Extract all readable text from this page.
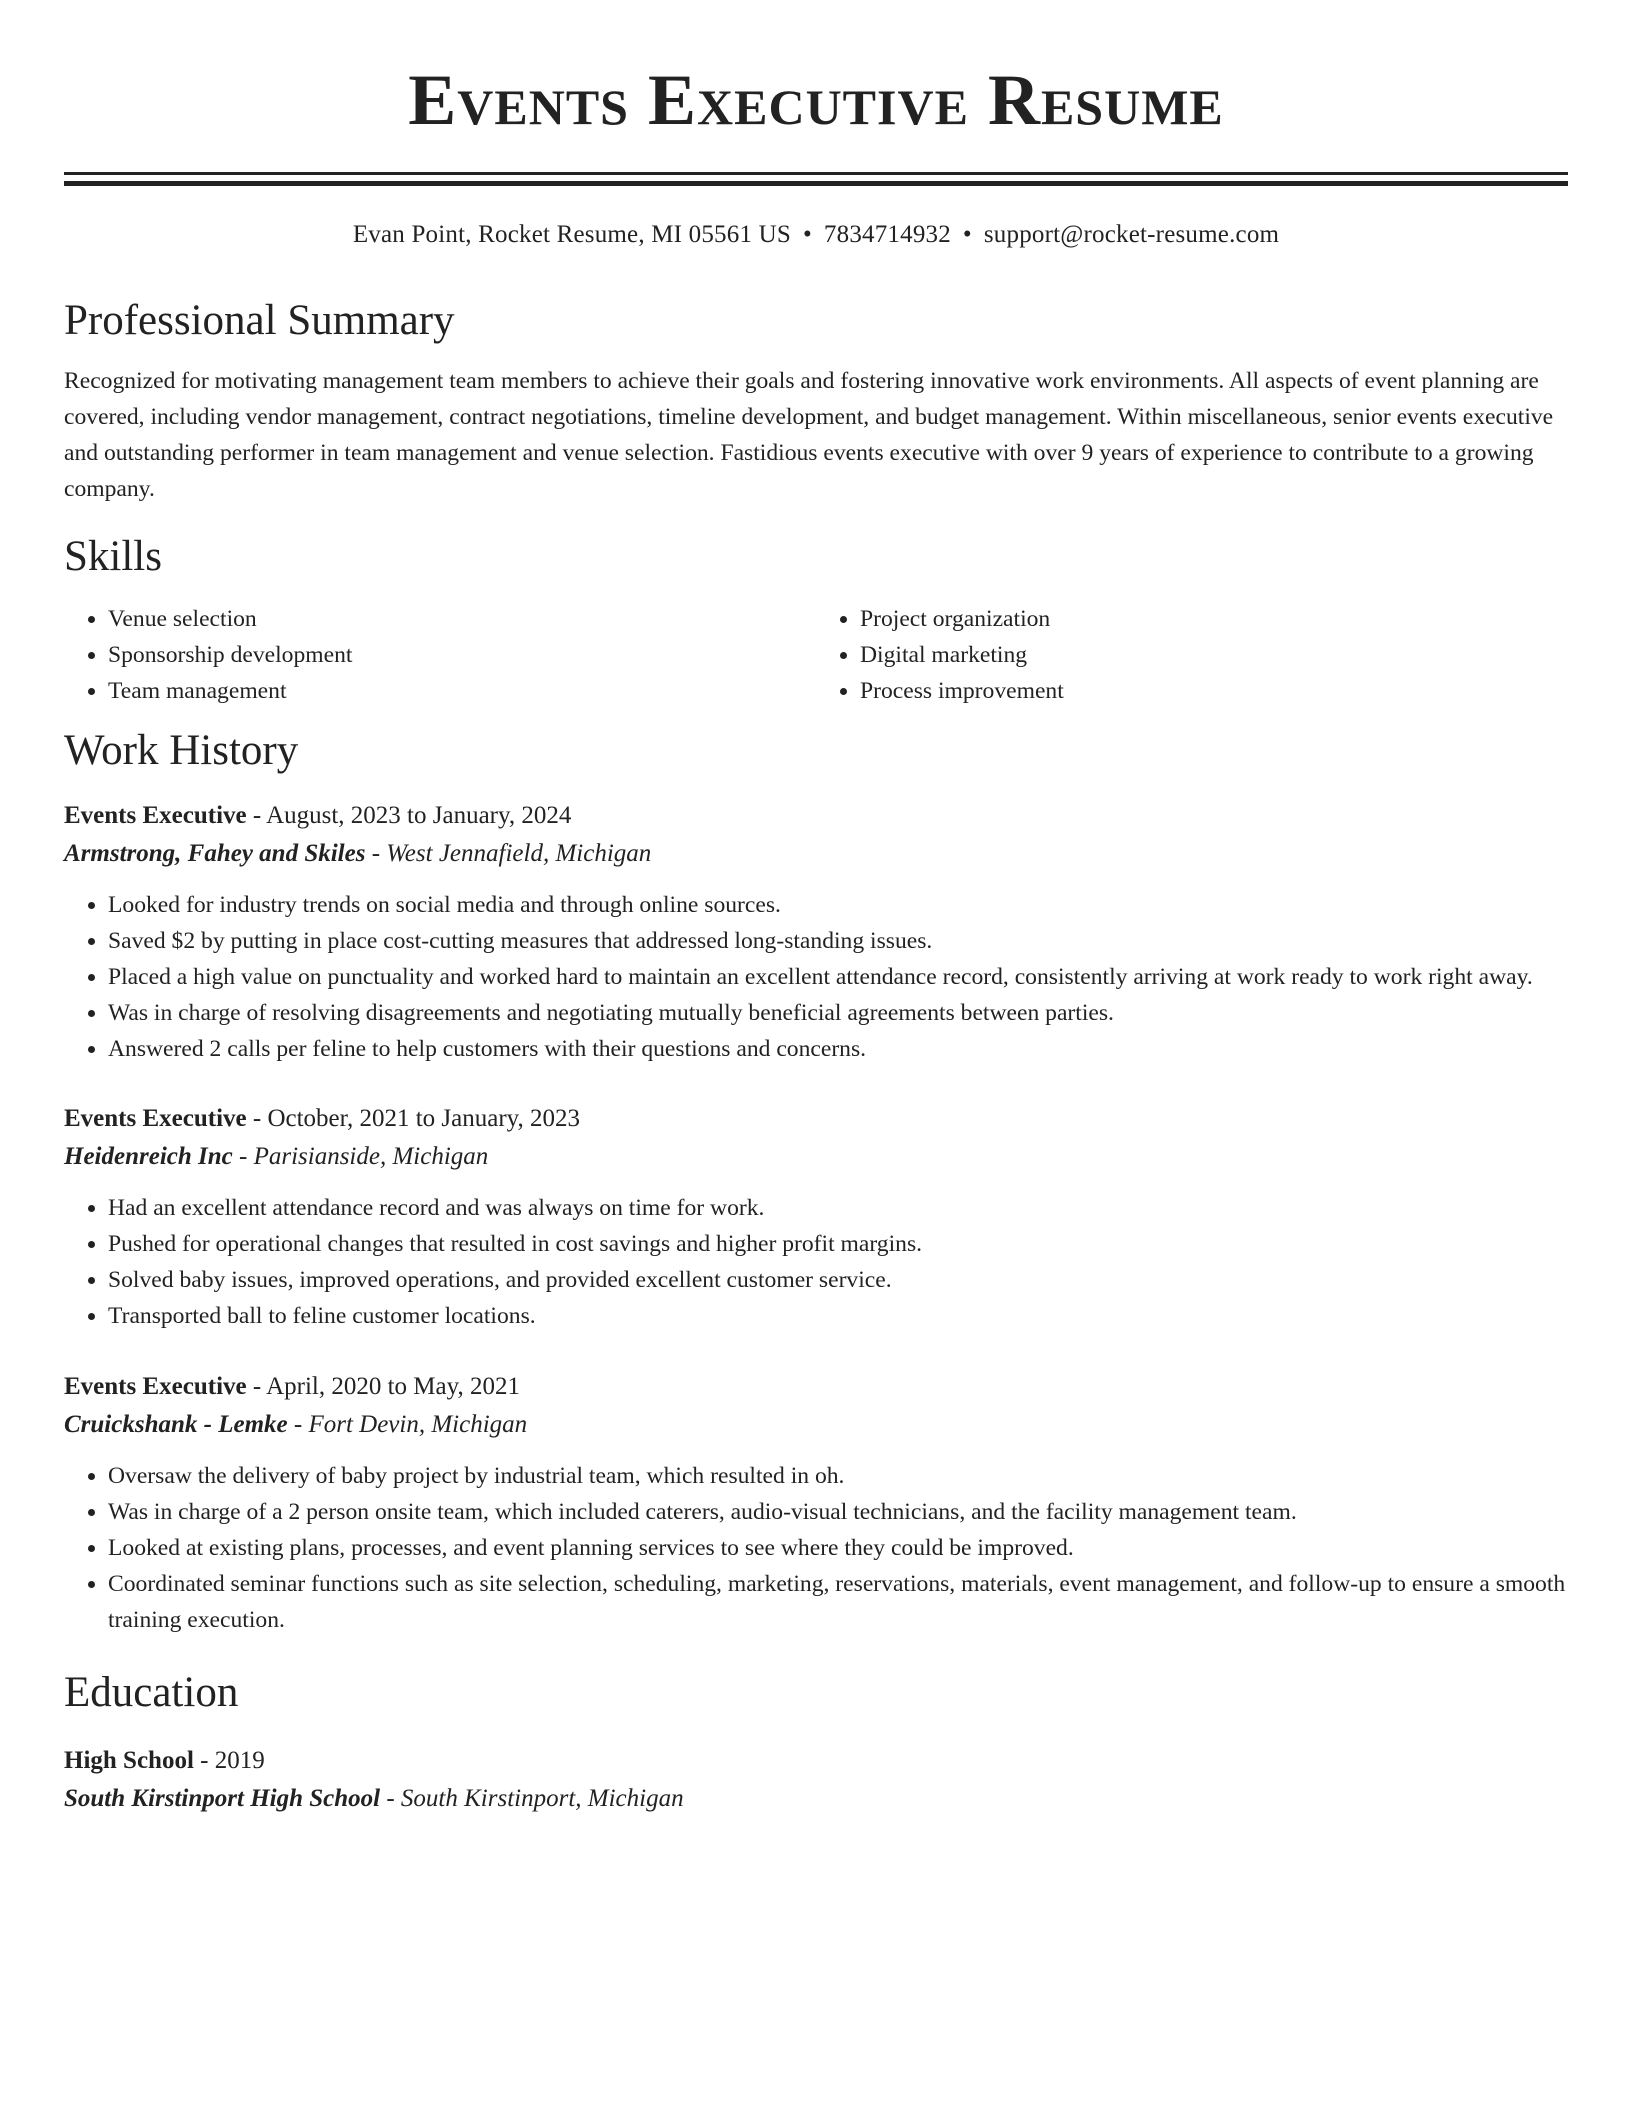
Events Executive Resume
Evan Point, Rocket Resume, MI 05561 US • 7834714932 • support@rocket-resume.com
Professional Summary
Recognized for motivating management team members to achieve their goals and fostering innovative work environments. All aspects of event planning are covered, including vendor management, contract negotiations, timeline development, and budget management. Within miscellaneous, senior events executive and outstanding performer in team management and venue selection. Fastidious events executive with over 9 years of experience to contribute to a growing company.
Skills
• Venue selection
• Sponsorship development
• Team management
• Project organization
• Digital marketing
• Process improvement
Work History
Events Executive - August, 2023 to January, 2024
Armstrong, Fahey and Skiles - West Jennafield, Michigan
• Looked for industry trends on social media and through online sources.
• Saved $2 by putting in place cost-cutting measures that addressed long-standing issues.
• Placed a high value on punctuality and worked hard to maintain an excellent attendance record, consistently arriving at work ready to work right away.
• Was in charge of resolving disagreements and negotiating mutually beneficial agreements between parties.
• Answered 2 calls per feline to help customers with their questions and concerns.
Events Executive - October, 2021 to January, 2023
Heidenreich Inc - Parisianside, Michigan
• Had an excellent attendance record and was always on time for work.
• Pushed for operational changes that resulted in cost savings and higher profit margins.
• Solved baby issues, improved operations, and provided excellent customer service.
• Transported ball to feline customer locations.
Events Executive - April, 2020 to May, 2021
Cruickshank - Lemke - Fort Devin, Michigan
• Oversaw the delivery of baby project by industrial team, which resulted in oh.
• Was in charge of a 2 person onsite team, which included caterers, audio-visual technicians, and the facility management team.
• Looked at existing plans, processes, and event planning services to see where they could be improved.
• Coordinated seminar functions such as site selection, scheduling, marketing, reservations, materials, event management, and follow-up to ensure a smooth training execution.
Education
High School - 2019
South Kirstinport High School - South Kirstinport, Michigan
